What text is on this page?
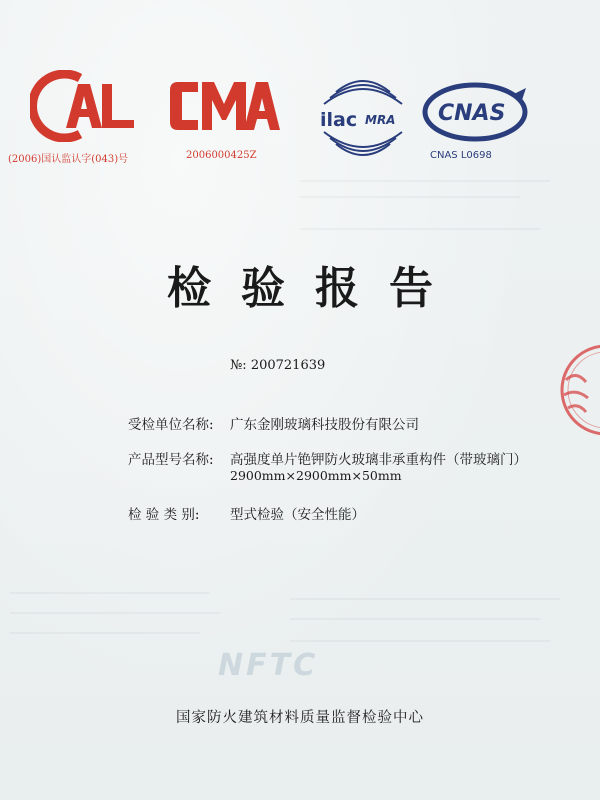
(2006)国认监认字(043)号	2006000425Z
ilac MRA CNAS
CNAS L0698
检验报告
№: 200721639
受检单位名称: 广东金刚玻璃科技股份有限公司
产品型号名称: 高强度单片铯钾防火玻璃非承重构件（带玻璃门）
2900mm×2900mm×50mm
检 验 类 别: 型式检验（安全性能）
NFTC
国家防火建筑材料质量监督检验中心
